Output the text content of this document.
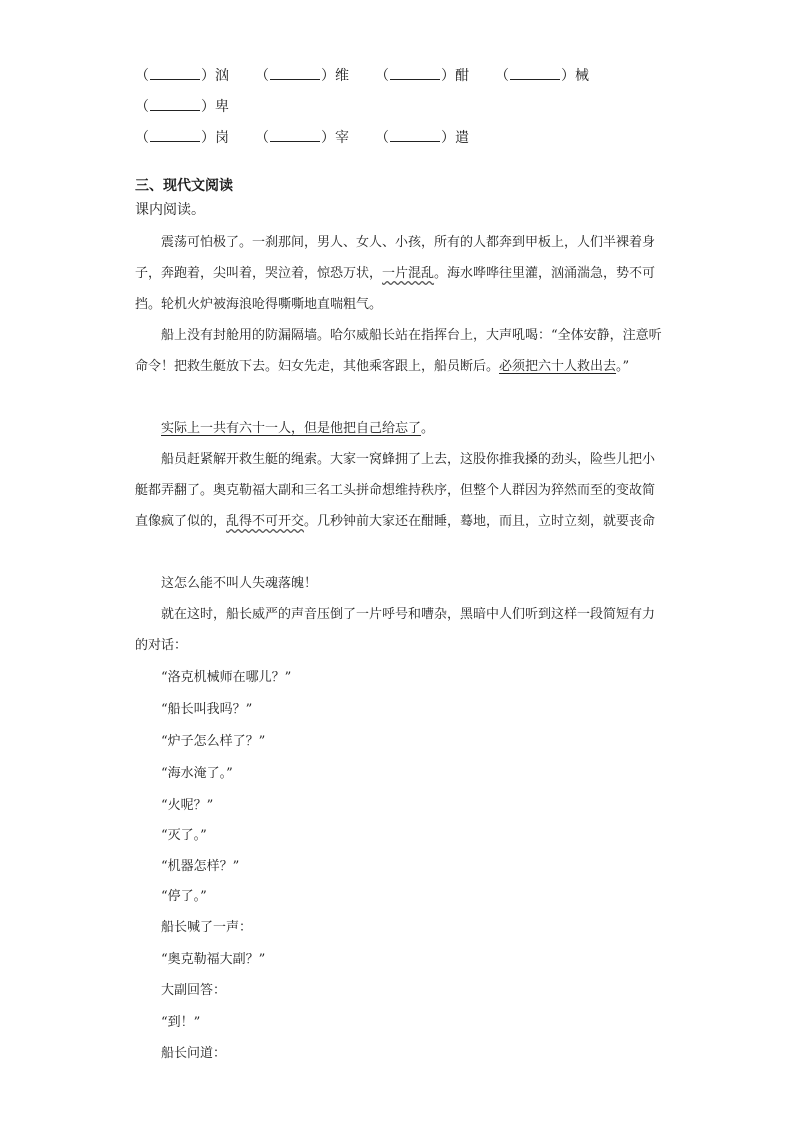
（	）汹 （	）维 （	）酣 （	）械
（	）卑
（	）岗 （	）宰 （	）遣
三、现代文阅读
课内阅读。
震荡可怕极了。一刹那间，男人、女人、小孩，所有的人都奔到甲板上，人们半裸着身子，奔跑着，尖叫着，哭泣着，惊恐万状，一片混乱。海水哗哗往里灌，汹涌湍急，势不可挡。轮机火炉被海浪呛得嘶嘶地直喘粗气。
船上没有封舱用的防漏隔墙。哈尔威船长站在指挥台上，大声吼喝：“全体安静，注意听命令！把救生艇放下去。妇女先走，其他乘客跟上，船员断后。必须把六十人救出去。”
实际上一共有六十一人，但是他把自己给忘了。
船员赶紧解开救生艇的绳索。大家一窝蜂拥了上去，这股你推我搡的劲头，险些儿把小艇都弄翻了。奥克勒福大副和三名工头拼命想维持秩序，但整个人群因为猝然而至的变故简直像疯了似的，乱得不可开交。几秒钟前大家还在酣睡，蓦地，而且，立时立刻，就要丧命
这怎么能不叫人失魂落魄！
就在这时，船长威严的声音压倒了一片呼号和嘈杂，黑暗中人们听到这样一段简短有力的对话：
“洛克机械师在哪儿？”
“船长叫我吗？”
“炉子怎么样了？”
“海水淹了。”
“火呢？”
“灭了。”
“机器怎样？”
“停了。”
船长喊了一声：
“奥克勒福大副？”
大副回答：
“到！”
船长问道：
